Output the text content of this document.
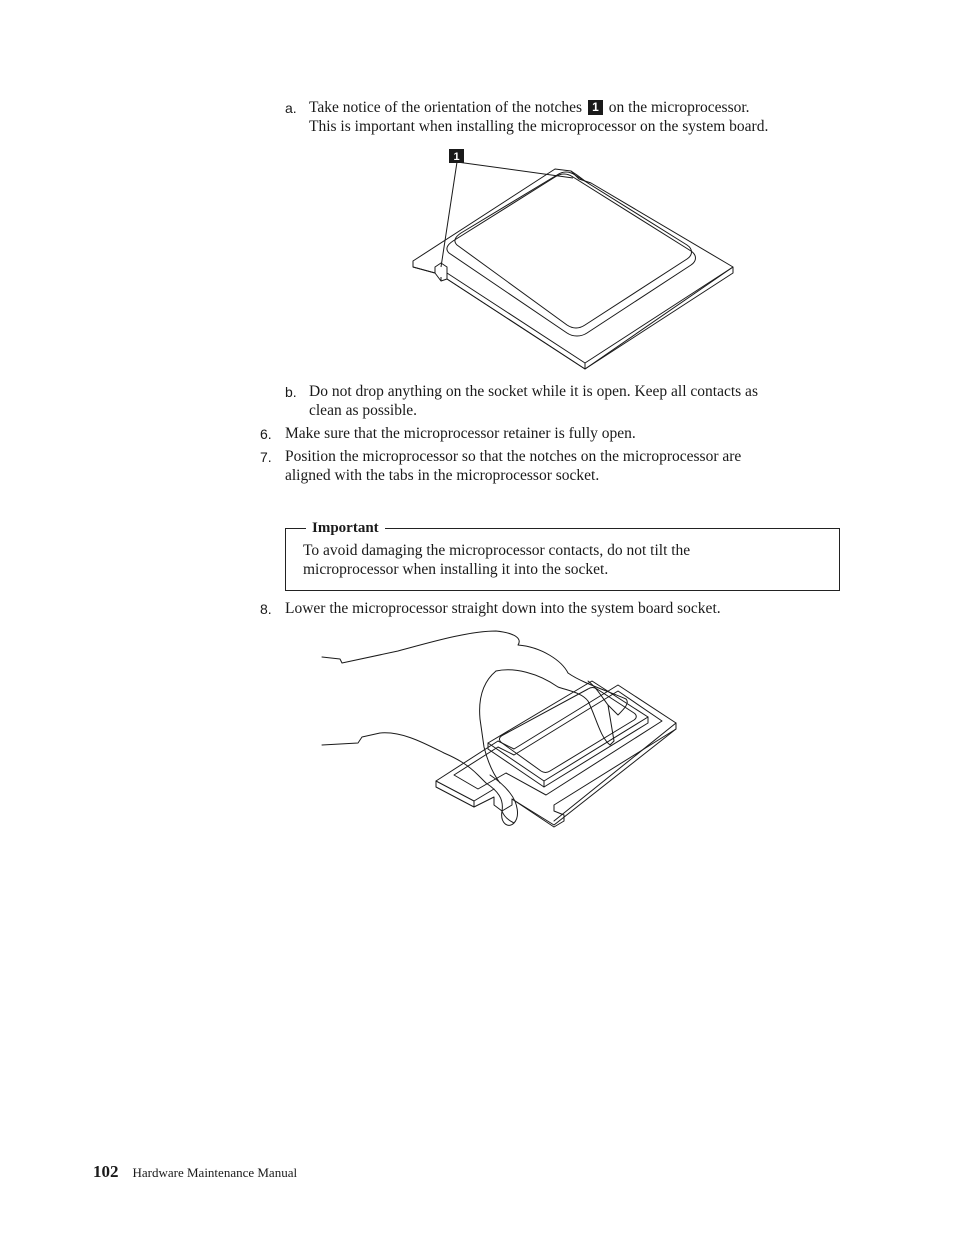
a. Take notice of the orientation of the notches 1 on the microprocessor.
This is important when installing the microprocessor on the system board.
1
b. Do not drop anything on the socket while it is open. Keep all contacts as
clean as possible.
6. Make sure that the microprocessor retainer is fully open.
7. Position the microprocessor so that the notches on the microprocessor are
aligned with the tabs in the microprocessor socket.
Important
To avoid damaging the microprocessor contacts, do not tilt the
microprocessor when installing it into the socket.
8. Lower the microprocessor straight down into the system board socket.
102 Hardware Maintenance Manual
